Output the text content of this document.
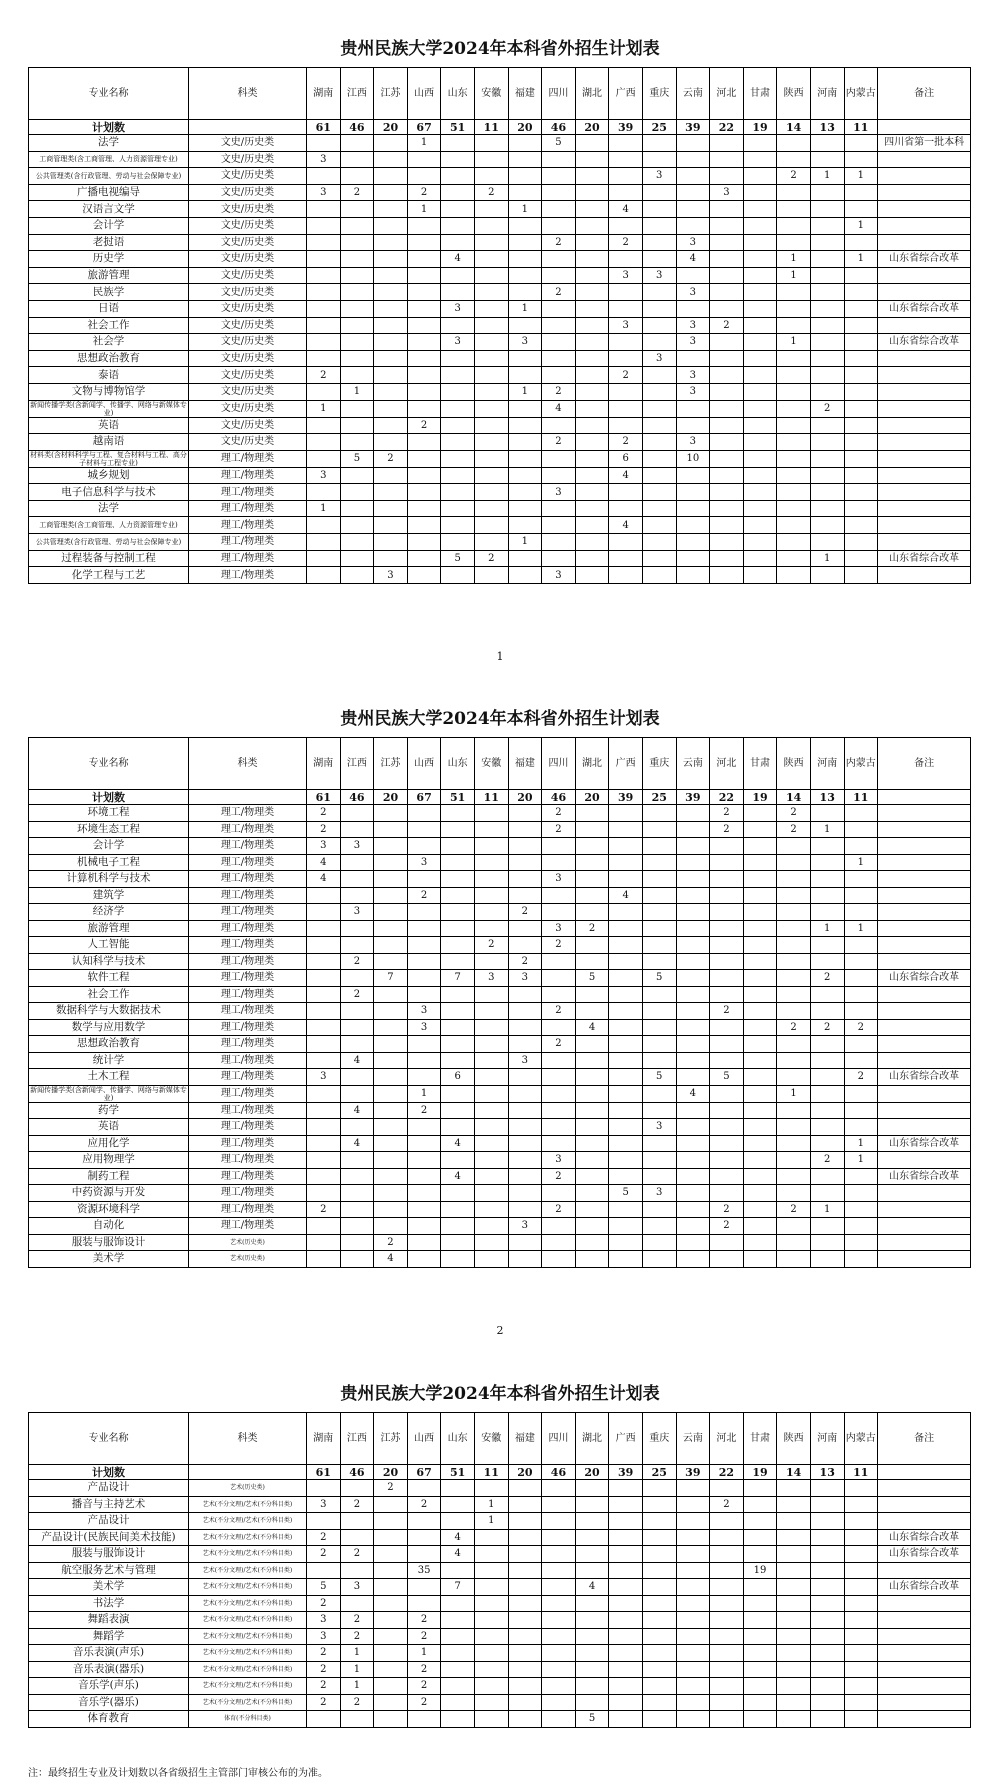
贵州民族大学2024年本科省外招生计划表
专业名称	科类	湖南	江西	江苏	山西	山东	安徽	福建	四川	湖北	广西	重庆	云南	河北	甘肃	陕西	河南	内蒙古	备注
计划数		61	46	20	67	51	11	20	46	20	39	25	39	22	19	14	13	11	
法学	文史/历史类				1				5										四川省第一批本科
工商管理类(含工商管理、人力资源管理专业)	文史/历史类	3																	
公共管理类(含行政管理、劳动与社会保障专业)	文史/历史类											3				2	1	1	
广播电视编导	文史/历史类	3	2		2		2							3					
汉语言文学	文史/历史类				1			1			4								
会计学	文史/历史类																	1	
老挝语	文史/历史类								2		2		3						
历史学	文史/历史类					4							4			1		1	山东省综合改革
旅游管理	文史/历史类										3	3				1			
民族学	文史/历史类								2				3						
日语	文史/历史类					3		1											山东省综合改革
社会工作	文史/历史类										3		3	2					
社会学	文史/历史类					3		3					3			1			山东省综合改革
思想政治教育	文史/历史类											3							
泰语	文史/历史类	2									2		3						
文物与博物馆学	文史/历史类		1					1	2				3						
新闻传播学类(含新闻学、传播学、网络与新媒体专业)	文史/历史类	1							4								2		
英语	文史/历史类				2														
越南语	文史/历史类								2		2		3						
材料类(含材料科学与工程、复合材料与工程、高分子材料与工程专业)	理工/物理类		5	2							6		10						
城乡规划	理工/物理类	3									4								
电子信息科学与技术	理工/物理类								3										
法学	理工/物理类	1																	
工商管理类(含工商管理、人力资源管理专业)	理工/物理类										4								
公共管理类(含行政管理、劳动与社会保障专业)	理工/物理类							1											
过程装备与控制工程	理工/物理类					5	2										1		山东省综合改革
化学工程与工艺	理工/物理类			3					3										
1
贵州民族大学2024年本科省外招生计划表
专业名称	科类	湖南	江西	江苏	山西	山东	安徽	福建	四川	湖北	广西	重庆	云南	河北	甘肃	陕西	河南	内蒙古	备注
计划数		61	46	20	67	51	11	20	46	20	39	25	39	22	19	14	13	11	
环境工程	理工/物理类	2							2					2		2			
环境生态工程	理工/物理类	2							2					2		2	1		
会计学	理工/物理类	3	3																
机械电子工程	理工/物理类	4			3													1	
计算机科学与技术	理工/物理类	4							3										
建筑学	理工/物理类				2						4								
经济学	理工/物理类		3					2											
旅游管理	理工/物理类								3	2							1	1	
人工智能	理工/物理类						2		2										
认知科学与技术	理工/物理类		2					2											
软件工程	理工/物理类			7		7	3	3		5		5					2		山东省综合改革
社会工作	理工/物理类		2																
数据科学与大数据技术	理工/物理类				3				2					2					
数学与应用数学	理工/物理类				3					4						2	2	2	
思想政治教育	理工/物理类								2										
统计学	理工/物理类		4					3											
土木工程	理工/物理类	3				6						5		5				2	山东省综合改革
新闻传播学类(含新闻学、传播学、网络与新媒体专业)	理工/物理类				1								4			1			
药学	理工/物理类		4		2														
英语	理工/物理类											3							
应用化学	理工/物理类		4			4												1	山东省综合改革
应用物理学	理工/物理类								3								2	1	
制药工程	理工/物理类					4			2										山东省综合改革
中药资源与开发	理工/物理类										5	3							
资源环境科学	理工/物理类	2							2					2		2	1		
自动化	理工/物理类							3						2					
服装与服饰设计	艺术(历史类)			2															
美术学	艺术(历史类)			4															
2
贵州民族大学2024年本科省外招生计划表
专业名称	科类	湖南	江西	江苏	山西	山东	安徽	福建	四川	湖北	广西	重庆	云南	河北	甘肃	陕西	河南	内蒙古	备注
计划数		61	46	20	67	51	11	20	46	20	39	25	39	22	19	14	13	11	
产品设计	艺术(历史类)			2															
播音与主持艺术	艺术(不分文理)/艺术(不分科目类)	3	2		2		1							2					
产品设计	艺术(不分文理)/艺术(不分科目类)						1												
产品设计(民族民间美术技能)	艺术(不分文理)/艺术(不分科目类)	2				4													山东省综合改革
服装与服饰设计	艺术(不分文理)/艺术(不分科目类)	2	2			4													山东省综合改革
航空服务艺术与管理	艺术(不分文理)/艺术(不分科目类)				35										19				
美术学	艺术(不分文理)/艺术(不分科目类)	5	3			7				4									山东省综合改革
书法学	艺术(不分文理)/艺术(不分科目类)	2																	
舞蹈表演	艺术(不分文理)/艺术(不分科目类)	3	2		2														
舞蹈学	艺术(不分文理)/艺术(不分科目类)	3	2		2														
音乐表演(声乐)	艺术(不分文理)/艺术(不分科目类)	2	1		1														
音乐表演(器乐)	艺术(不分文理)/艺术(不分科目类)	2	1		2														
音乐学(声乐)	艺术(不分文理)/艺术(不分科目类)	2	1		2														
音乐学(器乐)	艺术(不分文理)/艺术(不分科目类)	2	2		2														
体育教育	体育(不分科目类)									5									
注：最终招生专业及计划数以各省级招生主管部门审核公布的为准。
